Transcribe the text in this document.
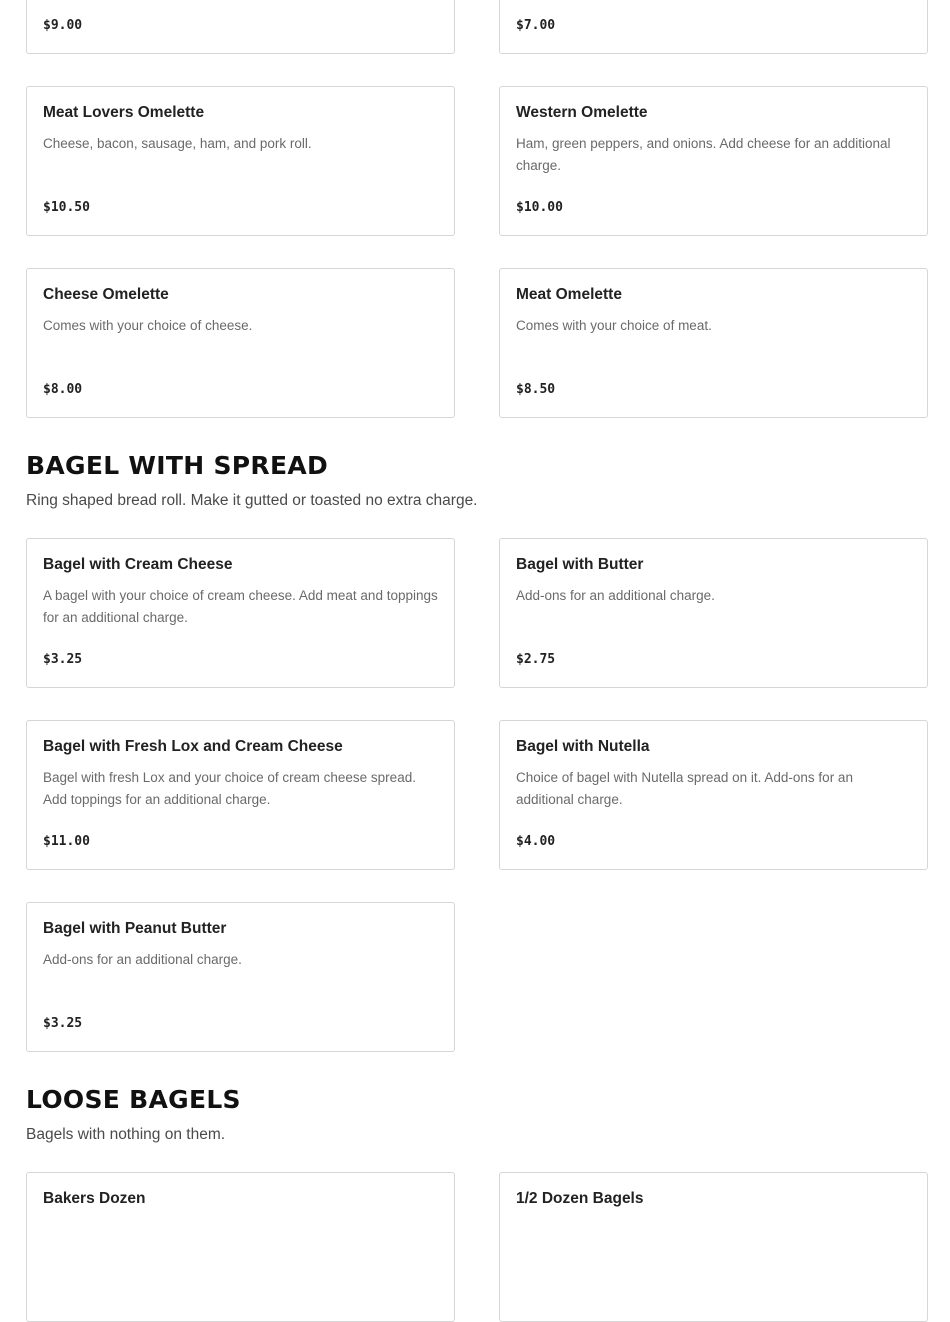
$9.00	$7.00
Meat Lovers Omelette
Cheese, bacon, sausage, ham, and pork roll.
$10.50
Western Omelette
Ham, green peppers, and onions. Add cheese for an additional charge.
$10.00
Cheese Omelette
Comes with your choice of cheese.
$8.00
Meat Omelette
Comes with your choice of meat.
$8.50
BAGEL WITH SPREAD

Ring shaped bread roll. Make it gutted or toasted no extra charge.

Bagel with Cream Cheese
A bagel with your choice of cream cheese. Add meat and toppings for an additional charge.
$3.25
Bagel with Butter
Add-ons for an additional charge.
$2.75
Bagel with Fresh Lox and Cream Cheese
Bagel with fresh Lox and your choice of cream cheese spread. Add toppings for an additional charge.
$11.00
Bagel with Nutella
Choice of bagel with Nutella spread on it. Add-ons for an additional charge.
$4.00
Bagel with Peanut Butter
Add-ons for an additional charge.
$3.25
LOOSE BAGELS

Bagels with nothing on them.

Bakers Dozen	1/2 Dozen Bagels
